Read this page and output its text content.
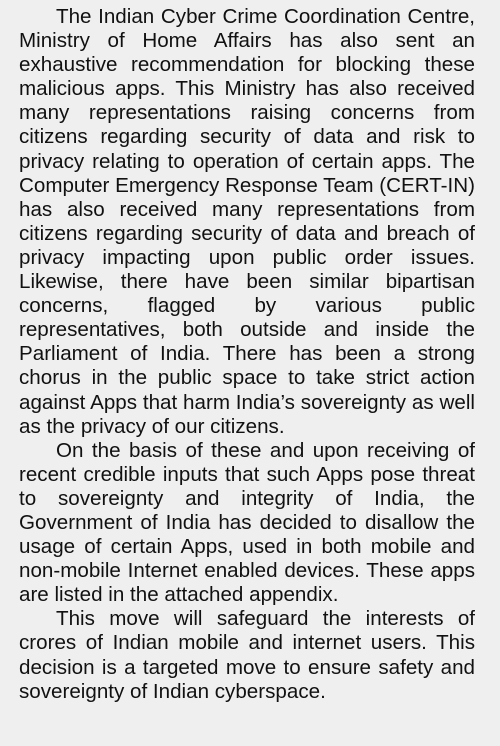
The Indian Cyber Crime Coordination Centre, Ministry of Home Affairs has also sent an exhaustive recommendation for blocking these malicious apps. This Ministry has also received many representations raising concerns from citizens regarding security of data and risk to privacy relating to operation of certain apps. The Computer Emergency Response Team (CERT-IN) has also received many representations from citizens regarding security of data and breach of privacy impacting upon public order issues. Likewise, there have been similar bipartisan concerns, flagged by various public representatives, both outside and inside the Parliament of India. There has been a strong chorus in the public space to take strict action against Apps that harm India’s sovereignty as well as the privacy of our citizens.

On the basis of these and upon receiving of recent credible inputs that such Apps pose threat to sovereignty and integrity of India, the Government of India has decided to disallow the usage of certain Apps, used in both mobile and non-mobile Internet enabled devices. These apps are listed in the attached appendix.

This move will safeguard the interests of crores of Indian mobile and internet users. This decision is a targeted move to ensure safety and sovereignty of Indian cyberspace.
